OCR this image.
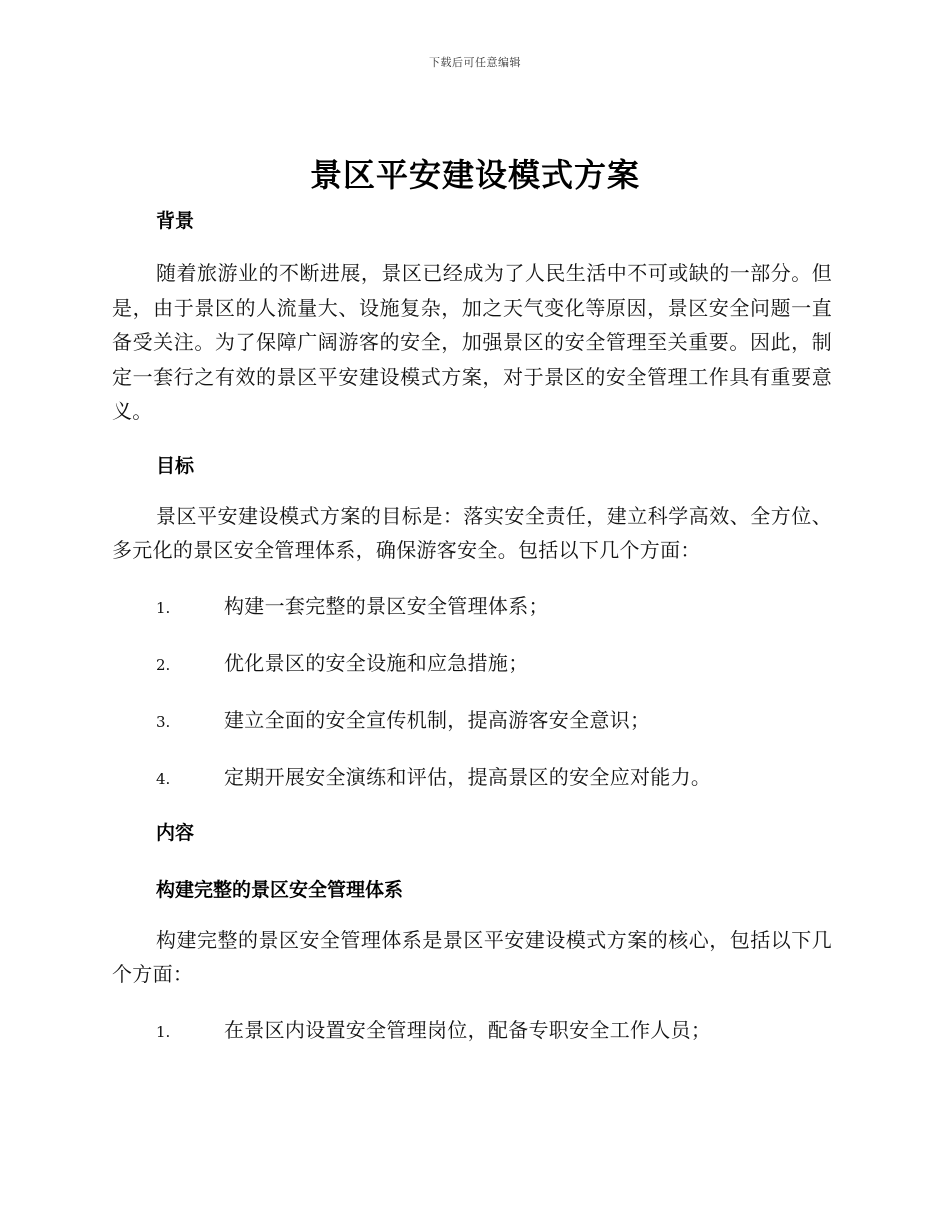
下载后可任意编辑
景区平安建设模式方案
背景
随着旅游业的不断进展，景区已经成为了人民生活中不可或缺的一部分。但是，由于景区的人流量大、设施复杂，加之天气变化等原因，景区安全问题一直备受关注。为了保障广阔游客的安全，加强景区的安全管理至关重要。因此，制定一套行之有效的景区平安建设模式方案，对于景区的安全管理工作具有重要意义。
目标
景区平安建设模式方案的目标是：落实安全责任，建立科学高效、全方位、多元化的景区安全管理体系，确保游客安全。包括以下几个方面：
1.	构建一套完整的景区安全管理体系；
2.	优化景区的安全设施和应急措施；
3.	建立全面的安全宣传机制，提高游客安全意识；
4.	定期开展安全演练和评估，提高景区的安全应对能力。
内容
构建完整的景区安全管理体系
构建完整的景区安全管理体系是景区平安建设模式方案的核心，包括以下几个方面：
1.	在景区内设置安全管理岗位，配备专职安全工作人员；
